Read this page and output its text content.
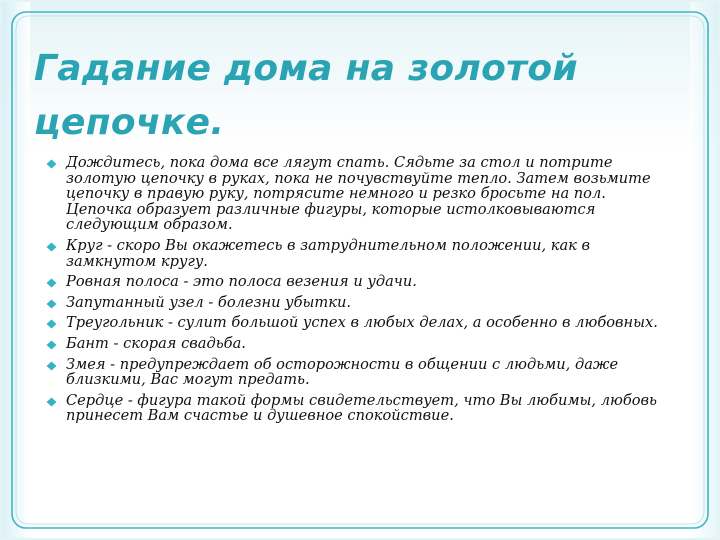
Гадание дома на золотой цепочке.
Дождитесь, пока дома все лягут спать. Сядьте за стол и потрите золотую цепочку в руках, пока не почувствуйте тепло. Затем возьмите цепочку в правую руку, потрясите немного и резко бросьте на пол. Цепочка образует различные фигуры, которые истолковываются следующим образом.
Круг - скоро Вы окажетесь в затруднительном положении, как в замкнутом кругу.
Ровная полоса - это полоса везения и удачи.
Запутанный узел - болезни убытки.
Треугольник - сулит большой успех в любых делах, а особенно в любовных.
Бант - скорая свадьба.
Змея - предупреждает об осторожности в общении с людьми, даже близкими, Вас могут предать.
Сердце - фигура такой формы свидетельствует, что Вы любимы, любовь принесет Вам счастье и душевное спокойствие.
